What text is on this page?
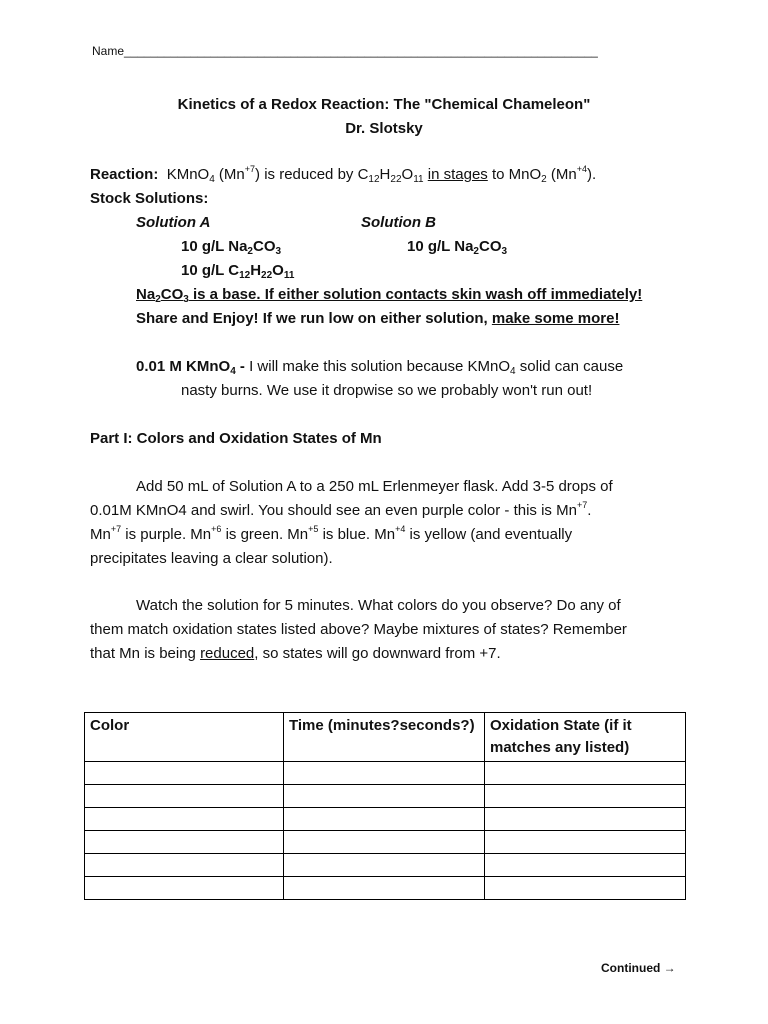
Name_______________________________________________________________________
Kinetics of a Redox Reaction: The "Chemical Chameleon"
Dr. Slotsky
Reaction: KMnO$_4$ $(Mn^{+7})$ is reduced by $C_{12}H_{22}O_{11}$ in stages to MnO$_2$ $(Mn^{+4})$.
Stock Solutions:
Solution A	Solution B
10 g/L $Na_2CO_3$	10 g/L $Na_2CO_3$
10 g/L $C_{12}H_{22}O_{11}$
$Na_2CO_3$ is a base. If either solution contacts skin wash off immediately!
Share and Enjoy! If we run low on either solution, make some more!
0.01 M KMnO$_4$ - I will make this solution because KMnO$_4$ solid can cause
nasty burns. We use it dropwise so we probably won't run out!
Part I: Colors and Oxidation States of Mn
Add 50 mL of Solution A to a 250 mL Erlenmeyer flask. Add 3-5 drops of
0.01M KMnO4 and swirl. You should see an even purple color - this is $Mn^{+7}$.
$Mn^{+7}$ is purple. $Mn^{+6}$ is green. $Mn^{+5}$ is blue. $Mn^{+4}$ is yellow (and eventually
precipitates leaving a clear solution).
Watch the solution for 5 minutes. What colors do you observe? Do any of
them match oxidation states listed above? Maybe mixtures of states? Remember
that Mn is being reduced, so states will go downward from +7.
Color	Time (minutes?seconds?)	Oxidation State (if it matches any listed)

Continued →
